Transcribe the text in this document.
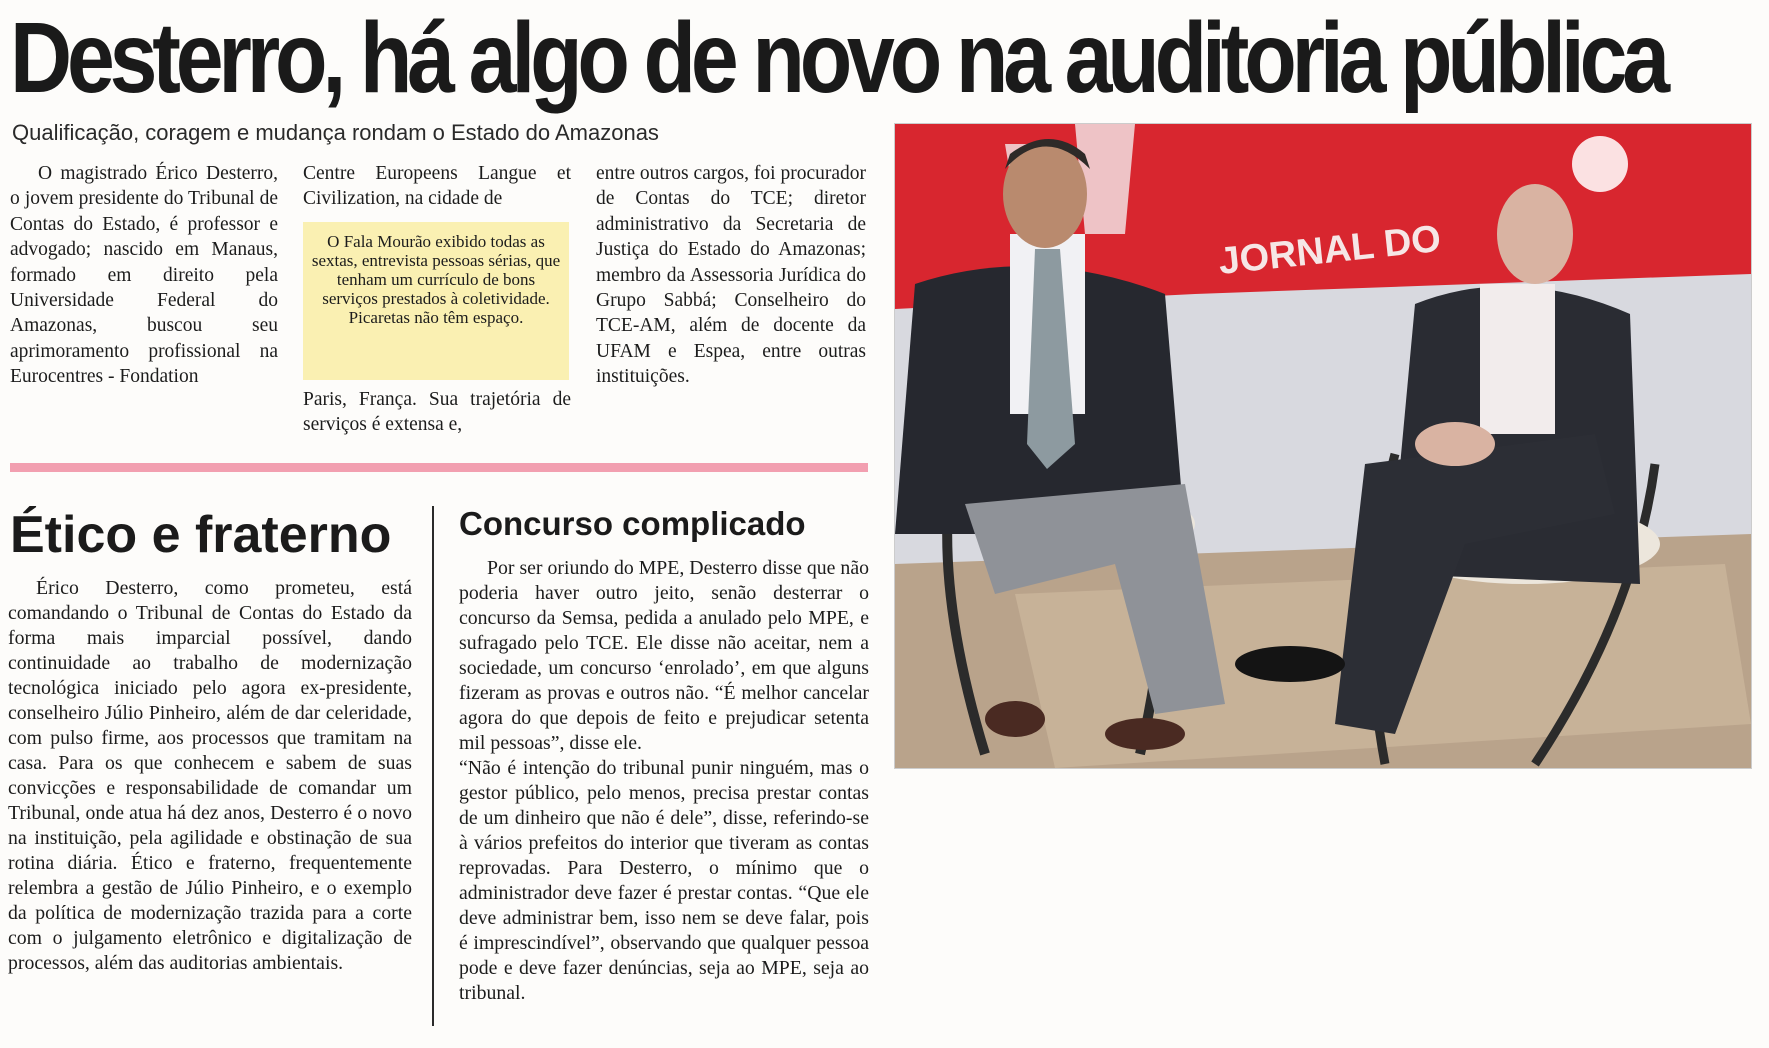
Desterro, há algo de novo na auditoria pública
Qualificação, coragem e mudança rondam o Estado do Amazonas

O magistrado Érico Desterro, o jovem presidente do Tribunal de Contas do Estado, é professor e advogado; nascido em Manaus, formado em direito pela Universidade Federal do Amazonas, buscou seu aprimoramento profissional na Eurocentres - Fondation

Centre Europeens Langue et Civilization, na cidade de

O Fala Mourão exibido todas as sextas, entrevista pessoas sérias, que tenham um currículo de bons serviços prestados à coletividade. Picaretas não têm espaço.

Paris, França. Sua trajetória de serviços é extensa e,

entre outros cargos, foi procurador de Contas do TCE; diretor administrativo da Secretaria de Justiça do Estado do Amazonas; membro da Assessoria Jurídica do Grupo Sabbá; Conselheiro do TCE-AM, além de docente da UFAM e Espea, entre outras instituições.

Ético e fraterno

Érico Desterro, como prometeu, está comandando o Tribunal de Contas do Estado da forma mais imparcial possível, dando continuidade ao trabalho de modernização tecnológica iniciado pelo agora ex-presidente, conselheiro Júlio Pinheiro, além de dar celeridade, com pulso firme, aos processos que tramitam na casa. Para os que conhecem e sabem de suas convicções e responsabilidade de comandar um Tribunal, onde atua há dez anos, Desterro é o novo na instituição, pela agilidade e obstinação de sua rotina diária. Ético e fraterno, frequentemente relembra a gestão de Júlio Pinheiro, e o exemplo da política de modernização trazida para a corte com o julgamento eletrônico e digitalização de processos, além das auditorias ambientais.

Concurso complicado

Por ser oriundo do MPE, Desterro disse que não poderia haver outro jeito, senão desterrar o concurso da Semsa, pedida a anulado pelo MPE, e sufragado pelo TCE. Ele disse não aceitar, nem a sociedade, um concurso ‘enrolado’, em que alguns fizeram as provas e outros não. “É melhor cancelar agora do que depois de feito e prejudicar setenta mil pessoas”, disse ele.

“Não é intenção do tribunal punir ninguém, mas o gestor público, pelo menos, precisa prestar contas de um dinheiro que não é dele”, disse, referindo-se à vários prefeitos do interior que tiveram as contas reprovadas. Para Desterro, o mínimo que o administrador deve fazer é prestar contas. “Que ele deve administrar bem, isso nem se deve falar, pois é imprescindível”, observando que qualquer pessoa pode e deve fazer denúncias, seja ao MPE, seja ao tribunal.

JORNAL DO
